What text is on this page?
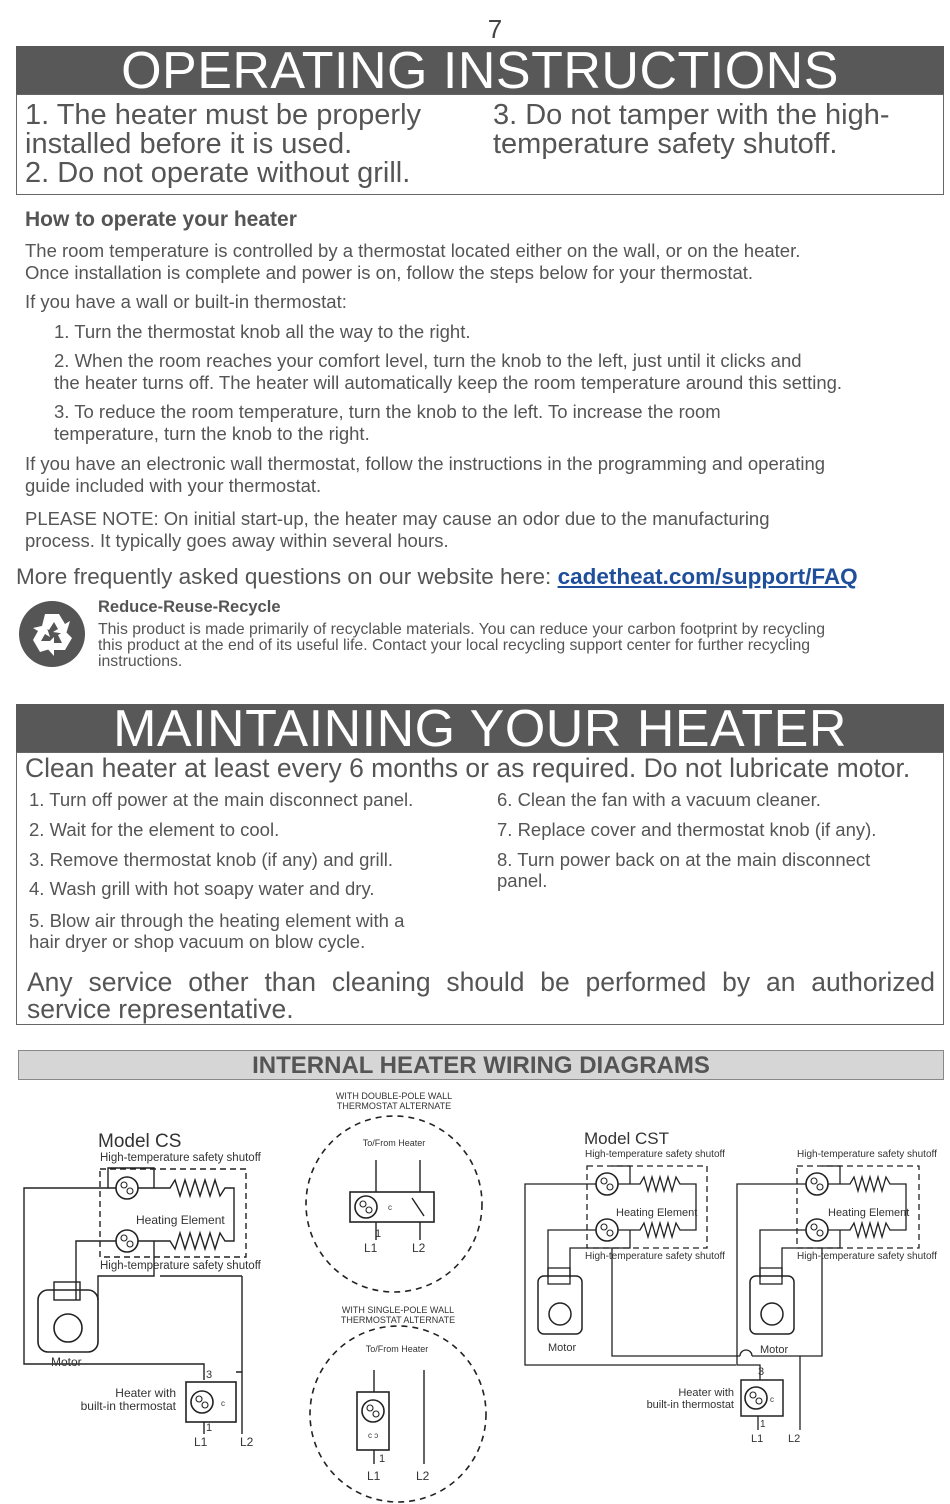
7
OPERATING INSTRUCTIONS
1. The heater must be properly
installed before it is used.
2. Do not operate without grill.
3. Do not tamper with the high-
temperature safety shutoff.
How to operate your heater
The room temperature is controlled by a thermostat located either on the wall, or on the heater.
Once installation is complete and power is on, follow the steps below for your thermostat.
If you have a wall or built-in thermostat:
1. Turn the thermostat knob all the way to the right.
2. When the room reaches your comfort level, turn the knob to the left, just until it clicks and
the heater turns off. The heater will automatically keep the room temperature around this setting.
3. To reduce the room temperature, turn the knob to the left. To increase the room
temperature, turn the knob to the right.
If you have an electronic wall thermostat, follow the instructions in the programming and operating
guide included with your thermostat.
PLEASE NOTE: On initial start-up, the heater may cause an odor due to the manufacturing
process. It typically goes away within several hours.
More frequently asked questions on our website here: cadetheat.com/support/FAQ
Reduce-Reuse-Recycle
This product is made primarily of recyclable materials. You can reduce your carbon footprint by recycling
this product at the end of its useful life. Contact your local recycling support center for further recycling
instructions.
MAINTAINING YOUR HEATER
Clean heater at least every 6 months or as required. Do not lubricate motor.
1. Turn off power at the main disconnect panel.
2. Wait for the element to cool.
3. Remove thermostat knob (if any) and grill.
4. Wash grill with hot soapy water and dry.
5. Blow air through the heating element with a
hair dryer or shop vacuum on blow cycle.
6. Clean the fan with a vacuum cleaner.
7. Replace cover and thermostat knob (if any).
8. Turn power back on at the main disconnect
panel.
Any service other than cleaning should be performed by an authorized
service representative.
INTERNAL HEATER WIRING DIAGRAMS
Model CS
High-temperature safety shutoff
Heating Element
High-temperature safety shutoff
Motor
3
c
Heater with
built-in thermostat
1
L1	L2
WITH DOUBLE-POLE WALL
THERMOSTAT ALTERNATE
To/From Heater
c
1
L1	L2
WITH SINGLE-POLE WALL
THERMOSTAT ALTERNATE
To/From Heater
c ɔ
1
L1	L2
Model CST
High-temperature safety shutoff	High-temperature safety shutoff
Heating Element
High-temperature safety shutoff
Motor
Heating Element
High-temperature safety shutoff
Motor
3
c
Heater with
built-in thermostat
1
L1 L2
